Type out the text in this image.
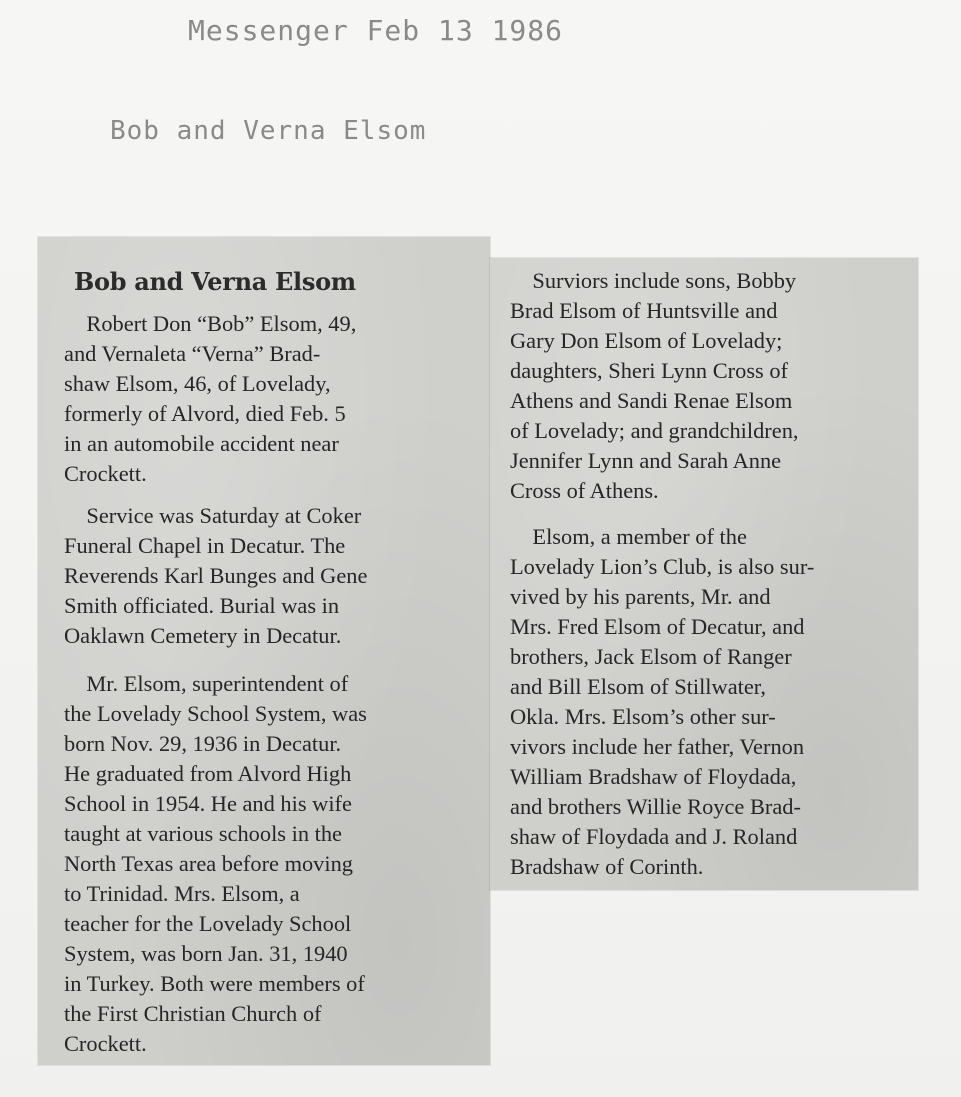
Messenger Feb 13 1986
Bob and Verna Elsom
Bob and Verna Elsom

Robert Don “Bob” Elsom, 49,
and Vernaleta “Verna” Brad-
shaw Elsom, 46, of Lovelady,
formerly of Alvord, died Feb. 5
in an automobile accident near
Crockett.

Service was Saturday at Coker
Funeral Chapel in Decatur. The
Reverends Karl Bunges and Gene
Smith officiated. Burial was in
Oaklawn Cemetery in Decatur.

Mr. Elsom, superintendent of
the Lovelady School System, was
born Nov. 29, 1936 in Decatur.
He graduated from Alvord High
School in 1954. He and his wife
taught at various schools in the
North Texas area before moving
to Trinidad. Mrs. Elsom, a
teacher for the Lovelady School
System, was born Jan. 31, 1940
in Turkey. Both were members of
the First Christian Church of
Crockett.

Surviors include sons, Bobby
Brad Elsom of Huntsville and
Gary Don Elsom of Lovelady;
daughters, Sheri Lynn Cross of
Athens and Sandi Renae Elsom
of Lovelady; and grandchildren,
Jennifer Lynn and Sarah Anne
Cross of Athens.

Elsom, a member of the
Lovelady Lion’s Club, is also sur-
vived by his parents, Mr. and
Mrs. Fred Elsom of Decatur, and
brothers, Jack Elsom of Ranger
and Bill Elsom of Stillwater,
Okla. Mrs. Elsom’s other sur-
vivors include her father, Vernon
William Bradshaw of Floydada,
and brothers Willie Royce Brad-
shaw of Floydada and J. Roland
Bradshaw of Corinth.
